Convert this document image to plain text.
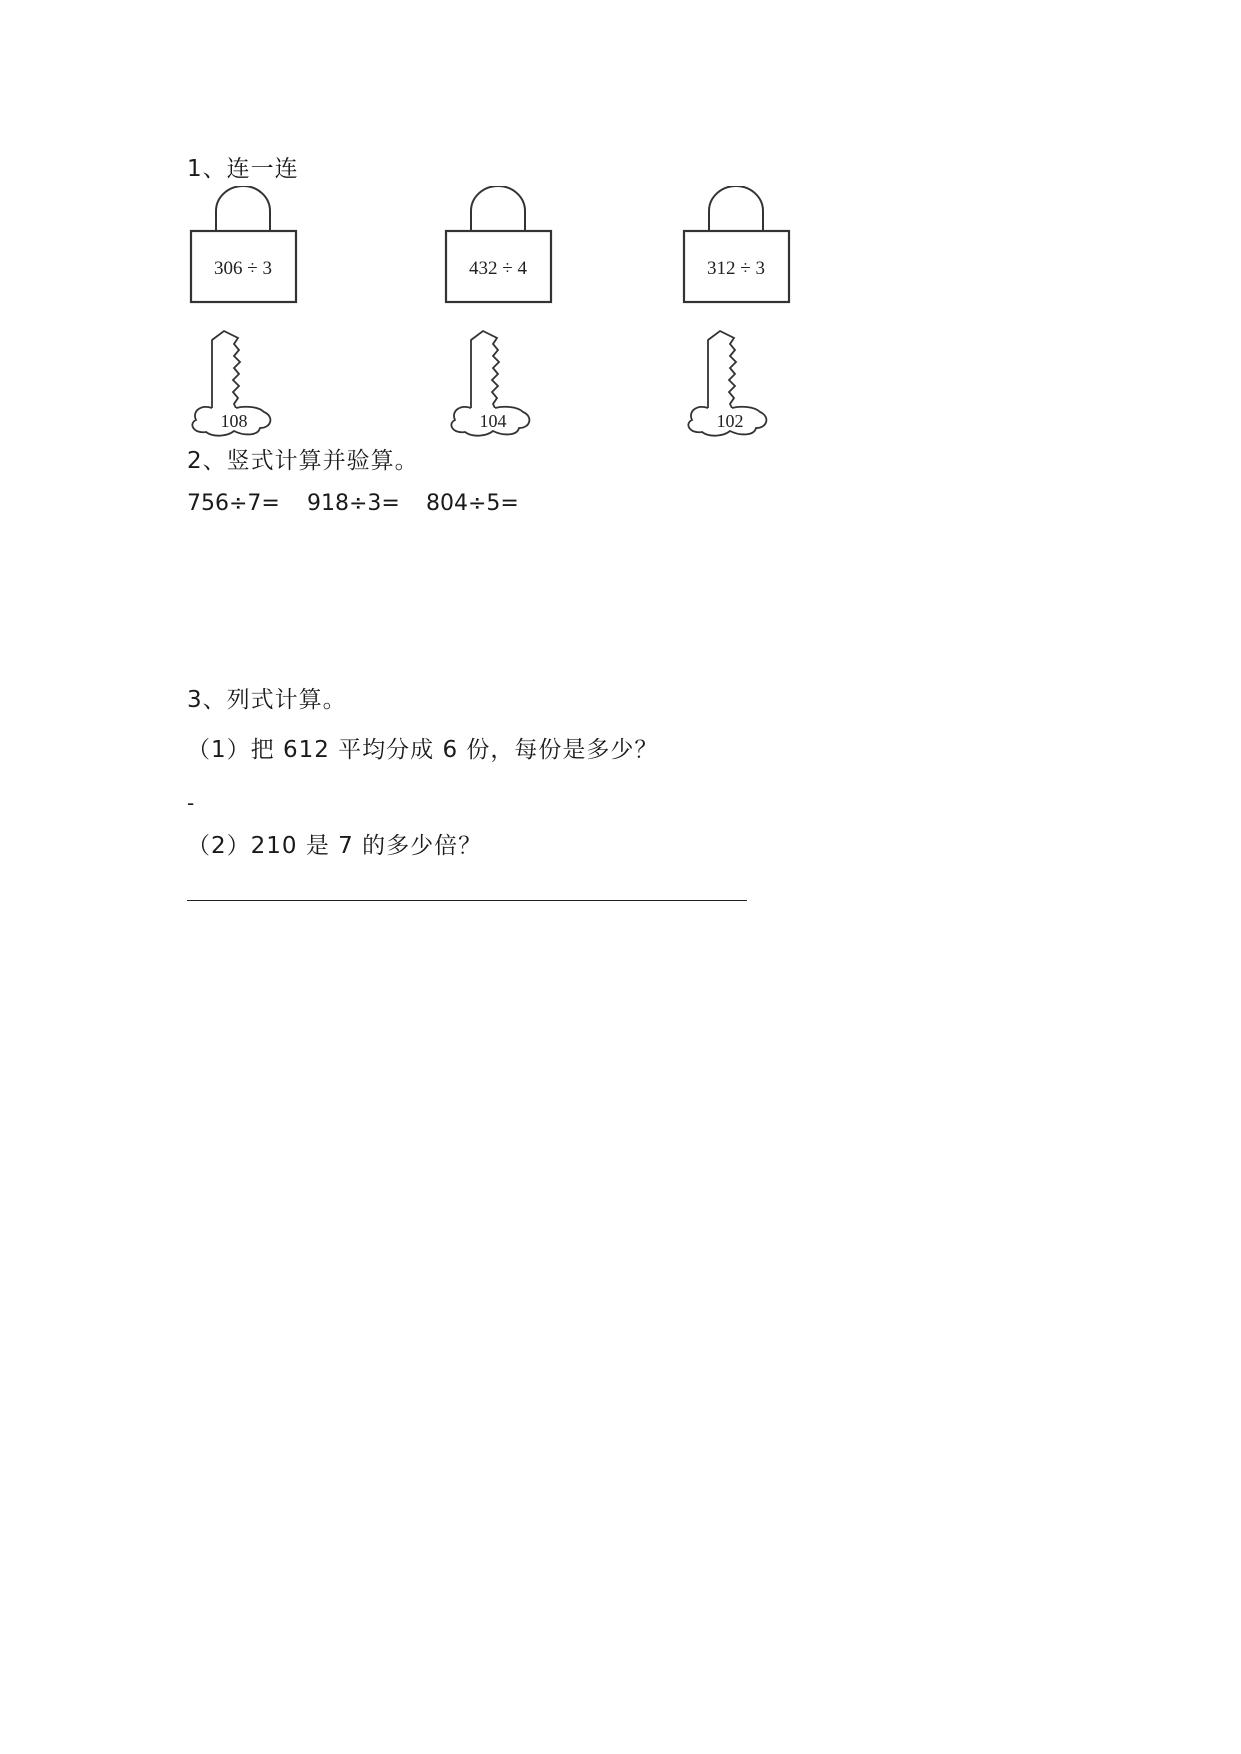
1、连一连
306 ÷ 3	432 ÷ 4	312 ÷ 3
108	104	102
2、竖式计算并验算。
756÷7= 918÷3= 804÷5=
3、列式计算。
（1）把 612 平均分成 6 份，每份是多少？
-
（2）210 是 7 的多少倍？
